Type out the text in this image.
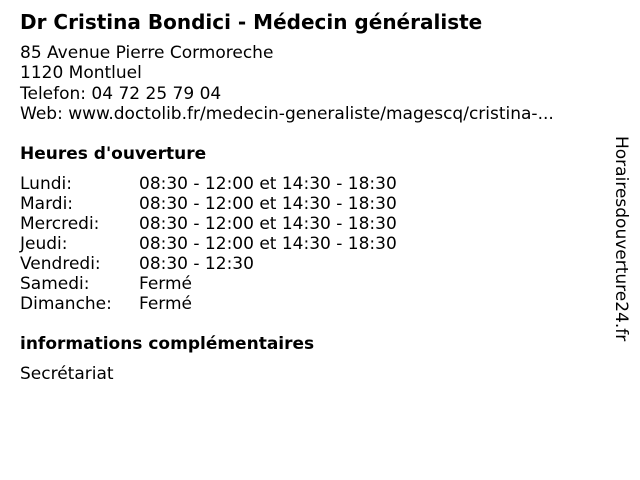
Dr Cristina Bondici - Médecin généraliste
85 Avenue Pierre Cormoreche
1120 Montluel
Telefon: 04 72 25 79 04
Web: www.doctolib.fr/medecin-generaliste/magescq/cristina-...
Heures d'ouverture
Lundi:	08:30 - 12:00 et 14:30 - 18:30
Mardi:	08:30 - 12:00 et 14:30 - 18:30
Mercredi: 08:30 - 12:00 et 14:30 - 18:30
Jeudi:	08:30 - 12:00 et 14:30 - 18:30
Vendredi: 08:30 - 12:30
Samedi:	Fermé
Dimanche: Fermé
informations complémentaires
Secrétariat
Horairesdouverture24.fr
